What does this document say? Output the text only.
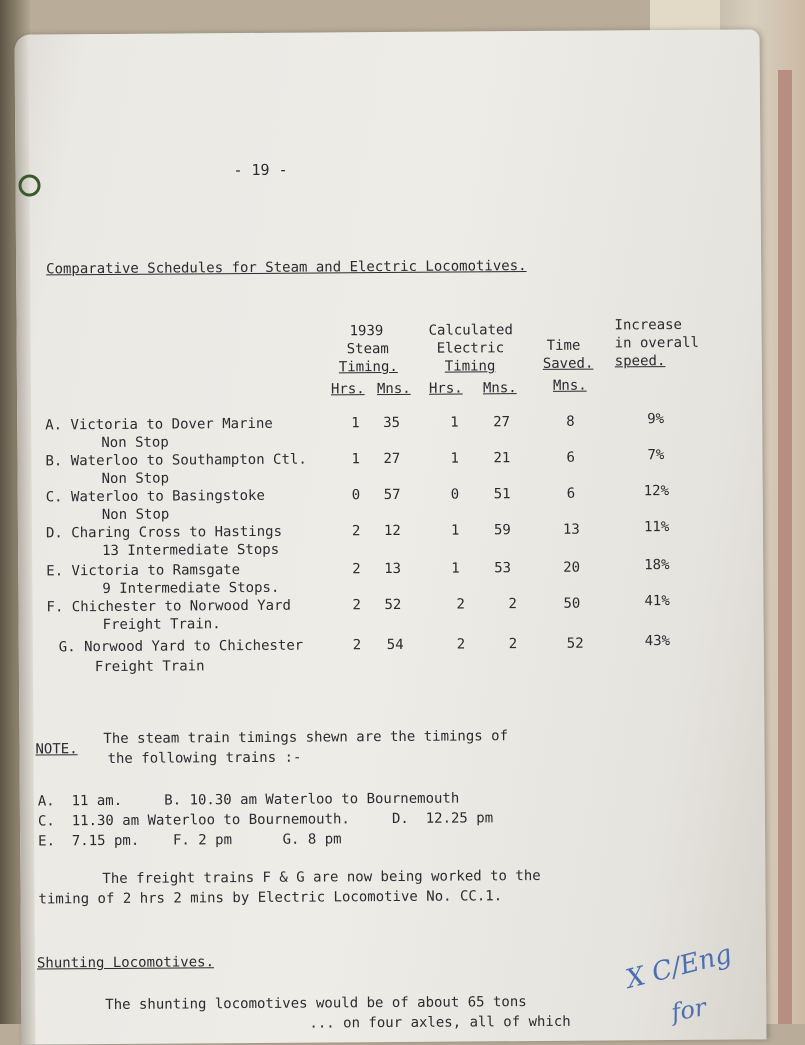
- 19 -
Comparative Schedules for Steam and Electric Locomotives.
1939
Steam
Timing.
Calculated
Electric
Timing
Time
Saved.
Increase
in overall
speed.
Hrs. Mns. Hrs. Mns.	Mns.
A. Victoria to Dover Marine
Non Stop
1 35	1 27	8	9%
B. Waterloo to Southampton Ctl.
Non Stop
1 27	1 21	6	7%
C. Waterloo to Basingstoke
Non Stop
0 57	0 51	6	12%
D. Charing Cross to Hastings
13 Intermediate Stops
2 12	1 59	13	11%
E. Victoria to Ramsgate
9 Intermediate Stops.
2 13	1 53	20	18%
F. Chichester to Norwood Yard
Freight Train.
2 52	2	2	50	41%
G. Norwood Yard to Chichester
Freight Train
2 54	2	2	52	43%
NOTE.
The steam train timings shewn are the timings of
the following trains :-
A.  11 am.     B. 10.30 am Waterloo to Bournemouth
C.  11.30 am Waterloo to Bournemouth.     D.  12.25 pm
E.  7.15 pm.    F. 2 pm      G. 8 pm
The freight trains F & G are now being worked to the
timing of 2 hrs 2 mins by Electric Locomotive No. CC.1.
Shunting Locomotives.
The shunting locomotives would be of about 65 tons
... on four axles, all of which
X C/Eng
for
